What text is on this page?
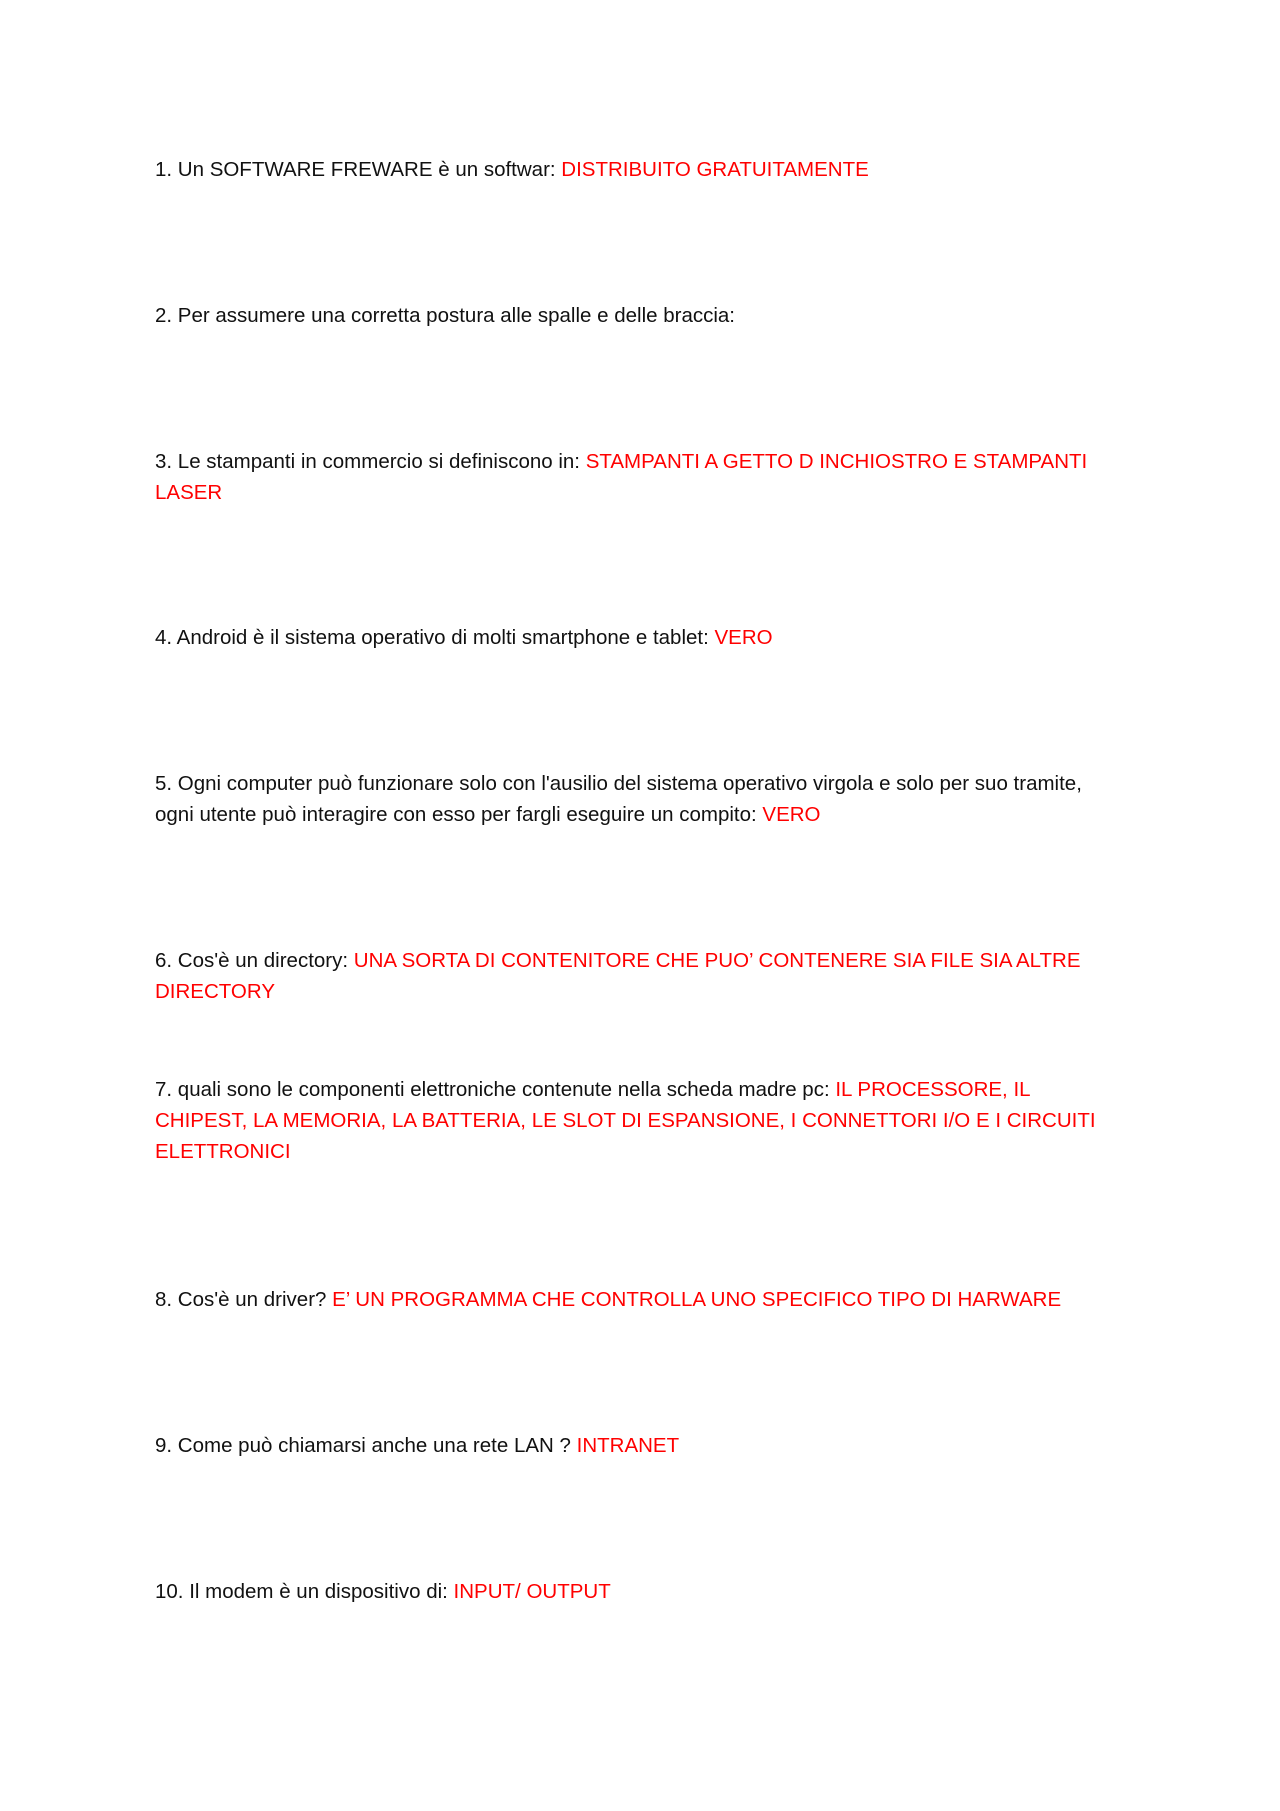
1. Un SOFTWARE FREWARE è un softwar: DISTRIBUITO GRATUITAMENTE

2. Per assumere una corretta postura alle spalle e delle braccia:

3. Le stampanti in commercio si definiscono in: STAMPANTI A GETTO D INCHIOSTRO E STAMPANTI LASER

4. Android è il sistema operativo di molti smartphone e tablet: VERO

5. Ogni computer può funzionare solo con l'ausilio del sistema operativo virgola e solo per suo tramite, ogni utente può interagire con esso per fargli eseguire un compito: VERO

6. Cos'è un directory: UNA SORTA DI CONTENITORE CHE PUO’ CONTENERE SIA FILE SIA ALTRE DIRECTORY

7. quali sono le componenti elettroniche contenute nella scheda madre pc: IL PROCESSORE, IL CHIPEST, LA MEMORIA, LA BATTERIA, LE SLOT DI ESPANSIONE, I CONNETTORI I/O E I CIRCUITI ELETTRONICI

8. Cos'è un driver? E’ UN PROGRAMMA CHE CONTROLLA UNO SPECIFICO TIPO DI HARWARE

9. Come può chiamarsi anche una rete LAN ? INTRANET

10. Il modem è un dispositivo di: INPUT/ OUTPUT
